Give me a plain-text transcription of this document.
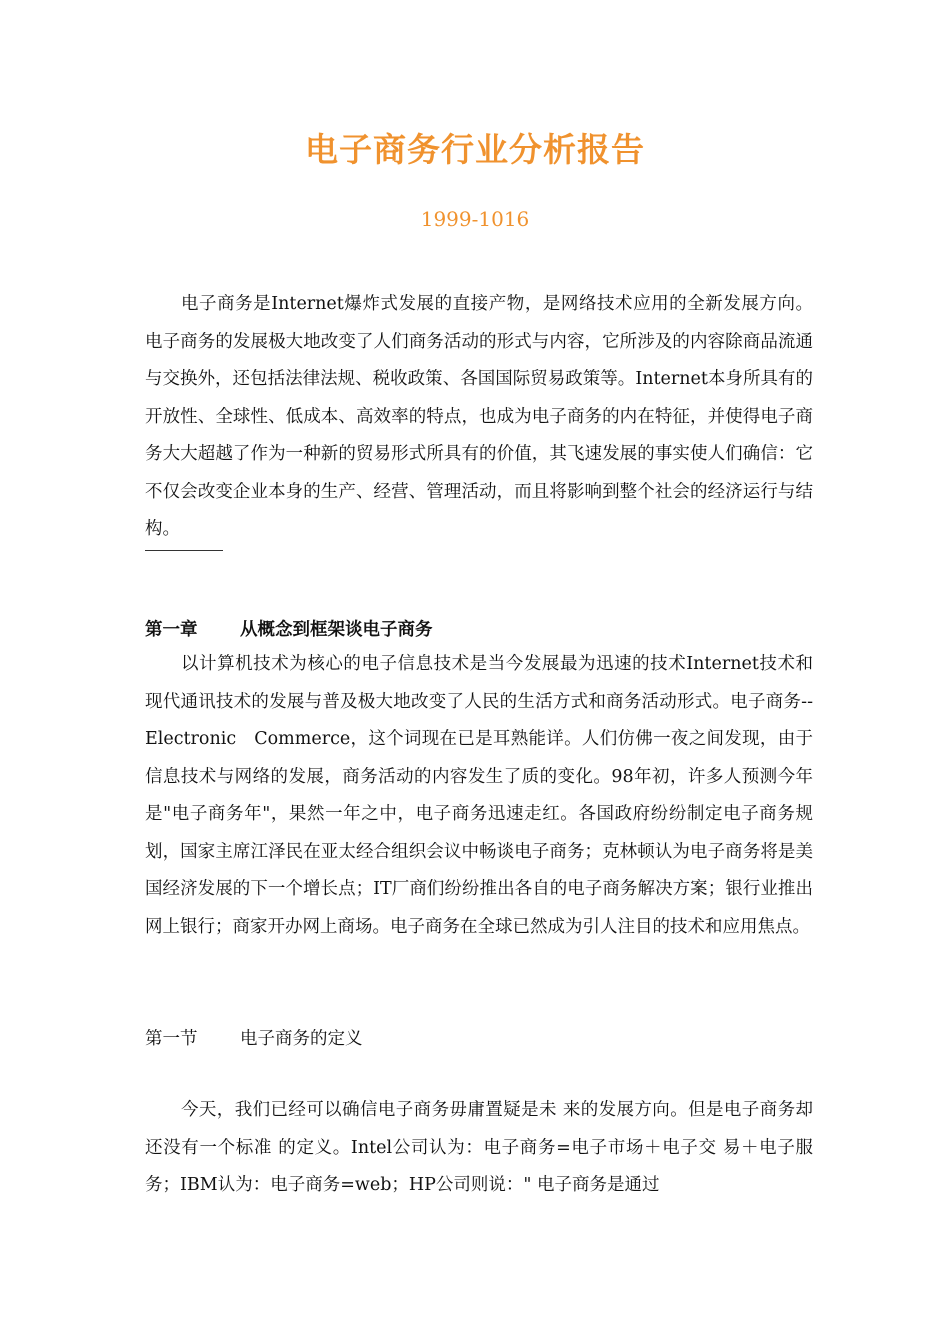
电子商务行业分析报告
1999-1016

电子商务是Internet爆炸式发展的直接产物，是网络技术应用的全新发展方向。电子商务的发展极大地改变了人们商务活动的形式与内容，它所涉及的内容除商品流通与交换外，还包括法律法规、税收政策、各国国际贸易政策等。Internet本身所具有的开放性、全球性、低成本、高效率的特点，也成为电子商务的内在特征，并使得电子商务大大超越了作为一种新的贸易形式所具有的价值，其飞速发展的事实使人们确信：它不仅会改变企业本身的生产、经营、管理活动，而且将影响到整个社会的经济运行与结构。

第一章 从概念到框架谈电子商务

以计算机技术为核心的电子信息技术是当今发展最为迅速的技术Internet技术和现代通讯技术的发展与普及极大地改变了人民的生活方式和商务活动形式。电子商务--Electronic　Commerce，这个词现在已是耳熟能详。人们仿佛一夜之间发现，由于信息技术与网络的发展，商务活动的内容发生了质的变化。98年初，许多人预测今年是"电子商务年"，果然一年之中，电子商务迅速走红。各国政府纷纷制定电子商务规划，国家主席江泽民在亚太经合组织会议中畅谈电子商务；克林顿认为电子商务将是美国经济发展的下一个增长点；IT厂商们纷纷推出各自的电子商务解决方案；银行业推出网上银行；商家开办网上商场。电子商务在全球已然成为引人注目的技术和应用焦点。

第一节 电子商务的定义

今天，我们已经可以确信电子商务毋庸置疑是未 来的发展方向。但是电子商务却还没有一个标准 的定义。Intel公司认为：电子商务=电子市场＋电子交 易＋电子服务；IBM认为：电子商务=web；HP公司则说：" 电子商务是通过
